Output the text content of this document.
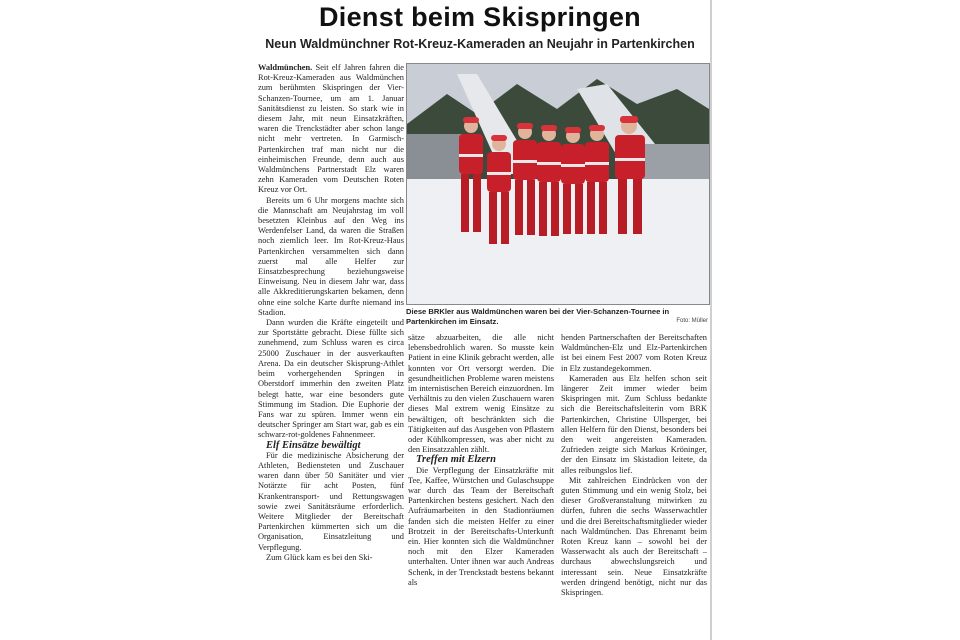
Dienst beim Skispringen
Neun Waldmünchner Rot-Kreuz-Kameraden an Neujahr in Partenkirchen

Waldmünchen. Seit elf Jahren fahren die Rot-Kreuz-Kameraden aus Waldmünchen zum berühmten Skispringen der Vier-Schanzen-Tournee, um am 1. Januar Sanitätsdienst zu leisten. So stark wie in diesem Jahr, mit neun Einsatzkräften, waren die Trenckstädter aber schon lange nicht mehr vertreten. In Garmisch-Partenkirchen traf man nicht nur die einheimischen Freunde, denn auch aus Waldmünchens Partnerstadt Elz waren zehn Kameraden vom Deutschen Roten Kreuz vor Ort.

Bereits um 6 Uhr morgens machte sich die Mannschaft am Neujahrstag im voll besetzten Kleinbus auf den Weg ins Werdenfelser Land, da waren die Straßen noch ziemlich leer. Im Rot-Kreuz-Haus Partenkirchen versammelten sich dann zuerst mal alle Helfer zur Einsatzbesprechung beziehungsweise Einweisung. Neu in diesem Jahr war, dass alle Akkreditierungskarten bekamen, denn ohne eine solche Karte durfte niemand ins Stadion.

Dann wurden die Kräfte eingeteilt und zur Sportstätte gebracht. Diese füllte sich zunehmend, zum Schluss waren es circa 25000 Zuschauer in der ausverkauften Arena. Da ein deutscher Skisprung-Athlet beim vorhergehenden Springen in Oberstdorf immerhin den zweiten Platz belegt hatte, war eine besonders gute Stimmung im Stadion. Die Euphorie der Fans war zu spüren. Immer wenn ein deutscher Springer am Start war, gab es ein schwarz-rot-goldenes Fahnenmeer.

Elf Einsätze bewältigt

Für die medizinische Absicherung der Athleten, Bediensteten und Zuschauer waren dann über 50 Sanitäter und vier Notärzte für acht Posten, fünf Krankentransport- und Rettungswagen sowie zwei Sanitätsräume erforderlich. Weitere Mitglieder der Bereitschaft Partenkirchen kümmerten sich um die Organisation, Einsatzleitung und Verpflegung.

Zum Glück kam es bei den Ski-

Diese BRKler aus Waldmünchen waren bei der Vier-Schanzen-Tournee in Partenkirchen im Einsatz.	Foto: Müller

sätze abzuarbeiten, die alle nicht lebensbedrohlich waren. So musste kein Patient in eine Klinik gebracht werden, alle konnten vor Ort versorgt werden. Die gesundheitlichen Probleme waren meistens im internistischen Bereich einzuordnen. Im Verhältnis zu den vielen Zuschauern waren dieses Mal extrem wenig Einsätze zu bewältigen, oft beschränkten sich die Tätigkeiten auf das Ausgeben von Pflastern oder Kühlkompressen, was aber nicht zu den Einsatzzahlen zählt.

Treffen mit Elzern

Die Verpflegung der Einsatzkräfte mit Tee, Kaffee, Würstchen und Gulaschsuppe war durch das Team der Bereitschaft Partenkirchen bestens gesichert. Nach den Aufräumarbeiten in den Stadionräumen fanden sich die meisten Helfer zu einer Brotzeit in der Bereitschafts-Unterkunft ein. Hier konnten sich die Waldmünchner noch mit den Elzer Kameraden unterhalten. Unter ihnen war auch Andreas Schenk, in der Trenckstadt bestens bekannt als

henden Partnerschaften der Bereitschaften Waldmünchen-Elz und Elz-Partenkirchen ist bei einem Fest 2007 vom Roten Kreuz in Elz zustandegekommen.

Kameraden aus Elz helfen schon seit längerer Zeit immer wieder beim Skispringen mit. Zum Schluss bedankte sich die Bereitschaftsleiterin vom BRK Partenkirchen, Christine Ullsperger, bei allen Helfern für den Dienst, besonders bei den weit angereisten Kameraden. Zufrieden zeigte sich Markus Kröninger, der den Einsatz im Skistadion leitete, da alles reibungslos lief.

Mit zahlreichen Eindrücken von der guten Stimmung und ein wenig Stolz, bei dieser Großveranstaltung mitwirken zu dürfen, fuhren die sechs Wasserwachtler und die drei Bereitschaftsmitglieder wieder nach Waldmünchen. Das Ehrenamt beim Roten Kreuz kann – sowohl bei der Wasserwacht als auch der Bereitschaft – durchaus abwechslungsreich und interessant sein. Neue Einsatzkräfte werden dringend benötigt, nicht nur das Skispringen.
